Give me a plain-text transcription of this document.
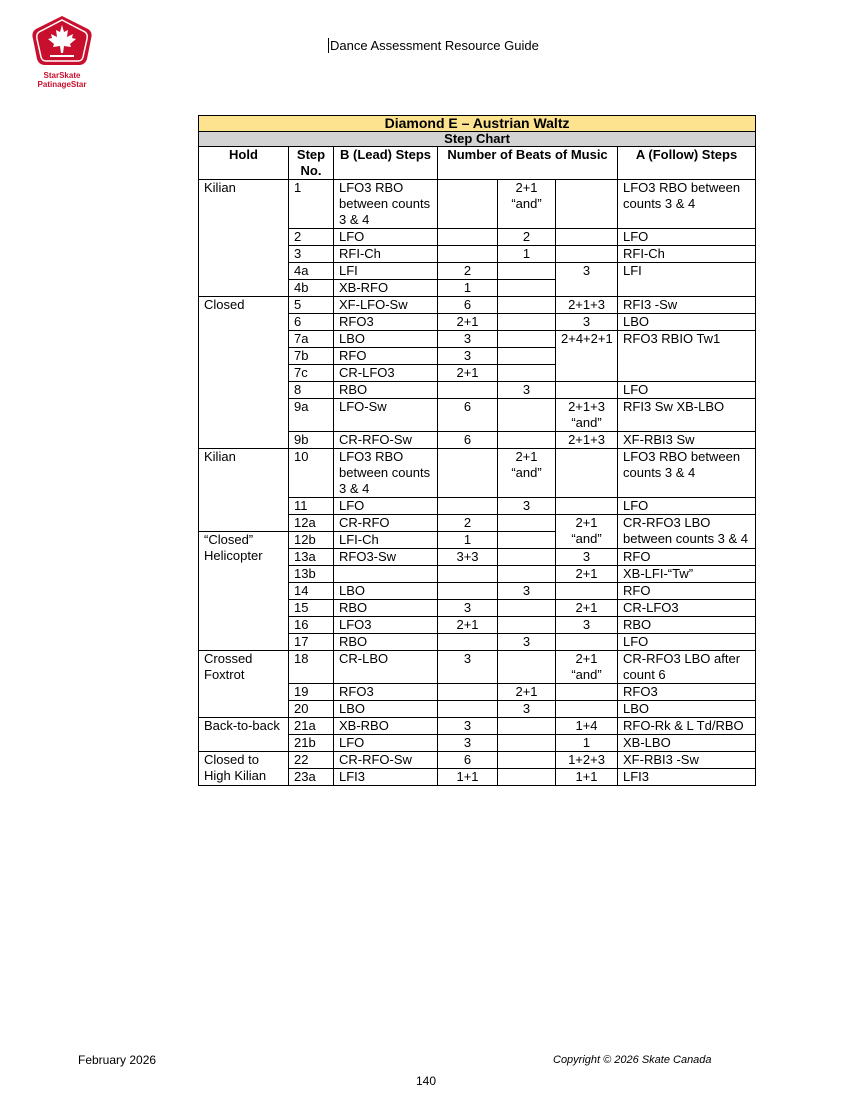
StarSkate
PatinageStar
Dance Assessment Resource Guide
Diamond E – Austrian Waltz						
Step Chart						
Hold	Step No.	B (Lead) Steps	Number of Beats of Music			A (Follow) Steps
Kilian	1	LFO3 RBO between counts 3 & 4		2+1 “and”		LFO3 RBO between counts 3 & 4
	2	LFO		2		LFO
	3	RFI-Ch		1		RFI-Ch
	4a	LFI	2		3	LFI
	4b	XB-RFO	1			
Closed	5	XF-LFO-Sw	6		2+1+3	RFI3 -Sw
	6	RFO3	2+1		3	LBO
	7a	LBO	3		2+4+2+1	RFO3 RBIO Tw1
	7b	RFO	3			
	7c	CR-LFO3	2+1			
	8	RBO		3		LFO
	9a	LFO-Sw	6		2+1+3 “and”	RFI3 Sw XB-LBO
	9b	CR-RFO-Sw	6		2+1+3	XF-RBI3 Sw
Kilian	10	LFO3 RBO between counts 3 & 4		2+1 “and”		LFO3 RBO between counts 3 & 4
	11	LFO		3		LFO
	12a	CR-RFO	2		2+1 “and”	CR-RFO3 LBO between counts 3 & 4
“Closed” Helicopter	12b	LFI-Ch	1			
	13a	RFO3-Sw	3+3		3	RFO
	13b				2+1	XB-LFI-“Tw”
	14	LBO		3		RFO
	15	RBO	3		2+1	CR-LFO3
	16	LFO3	2+1		3	RBO
	17	RBO		3		LFO
Crossed Foxtrot	18	CR-LBO	3		2+1 “and”	CR-RFO3 LBO after count 6
	19	RFO3		2+1		RFO3
	20	LBO		3		LBO
Back-to-back	21a	XB-RBO	3		1+4	RFO-Rk & L Td/RBO
	21b	LFO	3		1	XB-LBO
Closed to High Kilian	22	CR-RFO-Sw	6		1+2+3	XF-RBI3 -Sw
	23a	LFI3	1+1		1+1	LFI3
February 2026	Copyright © 2026 Skate Canada
140
